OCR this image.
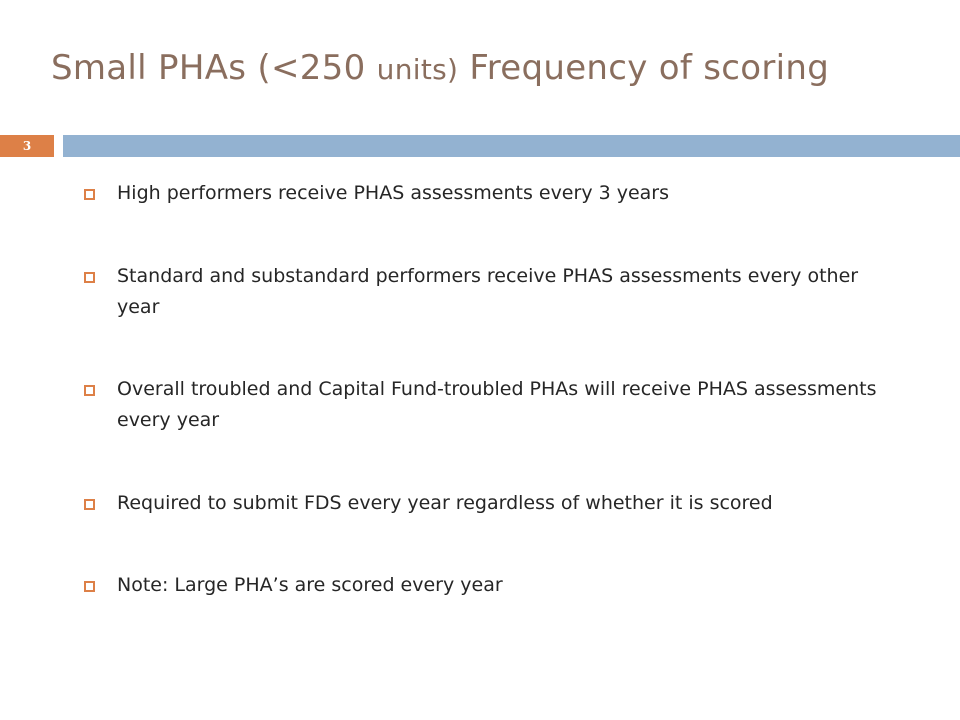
Small PHAs (<250 units) Frequency of scoring
3
High performers receive PHAS assessments every 3 years
Standard and substandard performers receive PHAS assessments every other year
Overall troubled and Capital Fund-troubled PHAs will receive PHAS assessments every year
Required to submit FDS every year regardless of whether it is scored
Note: Large PHA’s are scored every year
